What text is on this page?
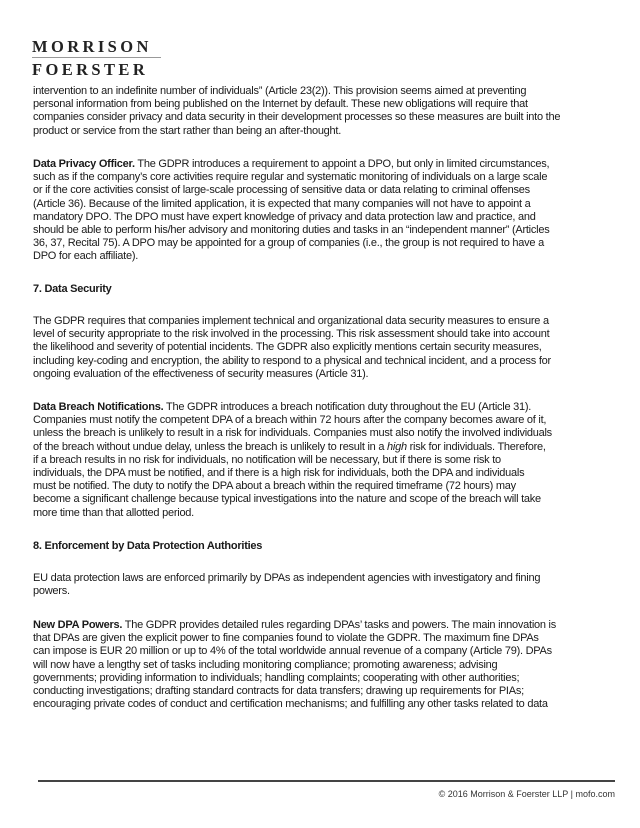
MORRISON
FOERSTER
intervention to an indefinite number of individuals” (Article 23(2)). This provision seems aimed at preventing
personal information from being published on the Internet by default. These new obligations will require that
companies consider privacy and data security in their development processes so these measures are built into the
product or service from the start rather than being an after-thought.
Data Privacy Officer. The GDPR introduces a requirement to appoint a DPO, but only in limited circumstances,
such as if the company’s core activities require regular and systematic monitoring of individuals on a large scale
or if the core activities consist of large-scale processing of sensitive data or data relating to criminal offenses
(Article 36). Because of the limited application, it is expected that many companies will not have to appoint a
mandatory DPO. The DPO must have expert knowledge of privacy and data protection law and practice, and
should be able to perform his/her advisory and monitoring duties and tasks in an “independent manner” (Articles
36, 37, Recital 75). A DPO may be appointed for a group of companies (i.e., the group is not required to have a
DPO for each affiliate).
7. Data Security
The GDPR requires that companies implement technical and organizational data security measures to ensure a
level of security appropriate to the risk involved in the processing. This risk assessment should take into account
the likelihood and severity of potential incidents. The GDPR also explicitly mentions certain security measures,
including key-coding and encryption, the ability to respond to a physical and technical incident, and a process for
ongoing evaluation of the effectiveness of security measures (Article 31).
Data Breach Notifications. The GDPR introduces a breach notification duty throughout the EU (Article 31).
Companies must notify the competent DPA of a breach within 72 hours after the company becomes aware of it,
unless the breach is unlikely to result in a risk for individuals. Companies must also notify the involved individuals
of the breach without undue delay, unless the breach is unlikely to result in a high risk for individuals. Therefore,
if a breach results in no risk for individuals, no notification will be necessary, but if there is some risk to
individuals, the DPA must be notified, and if there is a high risk for individuals, both the DPA and individuals
must be notified. The duty to notify the DPA about a breach within the required timeframe (72 hours) may
become a significant challenge because typical investigations into the nature and scope of the breach will take
more time than that allotted period.
8. Enforcement by Data Protection Authorities
EU data protection laws are enforced primarily by DPAs as independent agencies with investigatory and fining
powers.
New DPA Powers. The GDPR provides detailed rules regarding DPAs’ tasks and powers. The main innovation is
that DPAs are given the explicit power to fine companies found to violate the GDPR. The maximum fine DPAs
can impose is EUR 20 million or up to 4% of the total worldwide annual revenue of a company (Article 79). DPAs
will now have a lengthy set of tasks including monitoring compliance; promoting awareness; advising
governments; providing information to individuals; handling complaints; cooperating with other authorities;
conducting investigations; drafting standard contracts for data transfers; drawing up requirements for PIAs;
encouraging private codes of conduct and certification mechanisms; and fulfilling any other tasks related to data
© 2016 Morrison & Foerster LLP | mofo.com
